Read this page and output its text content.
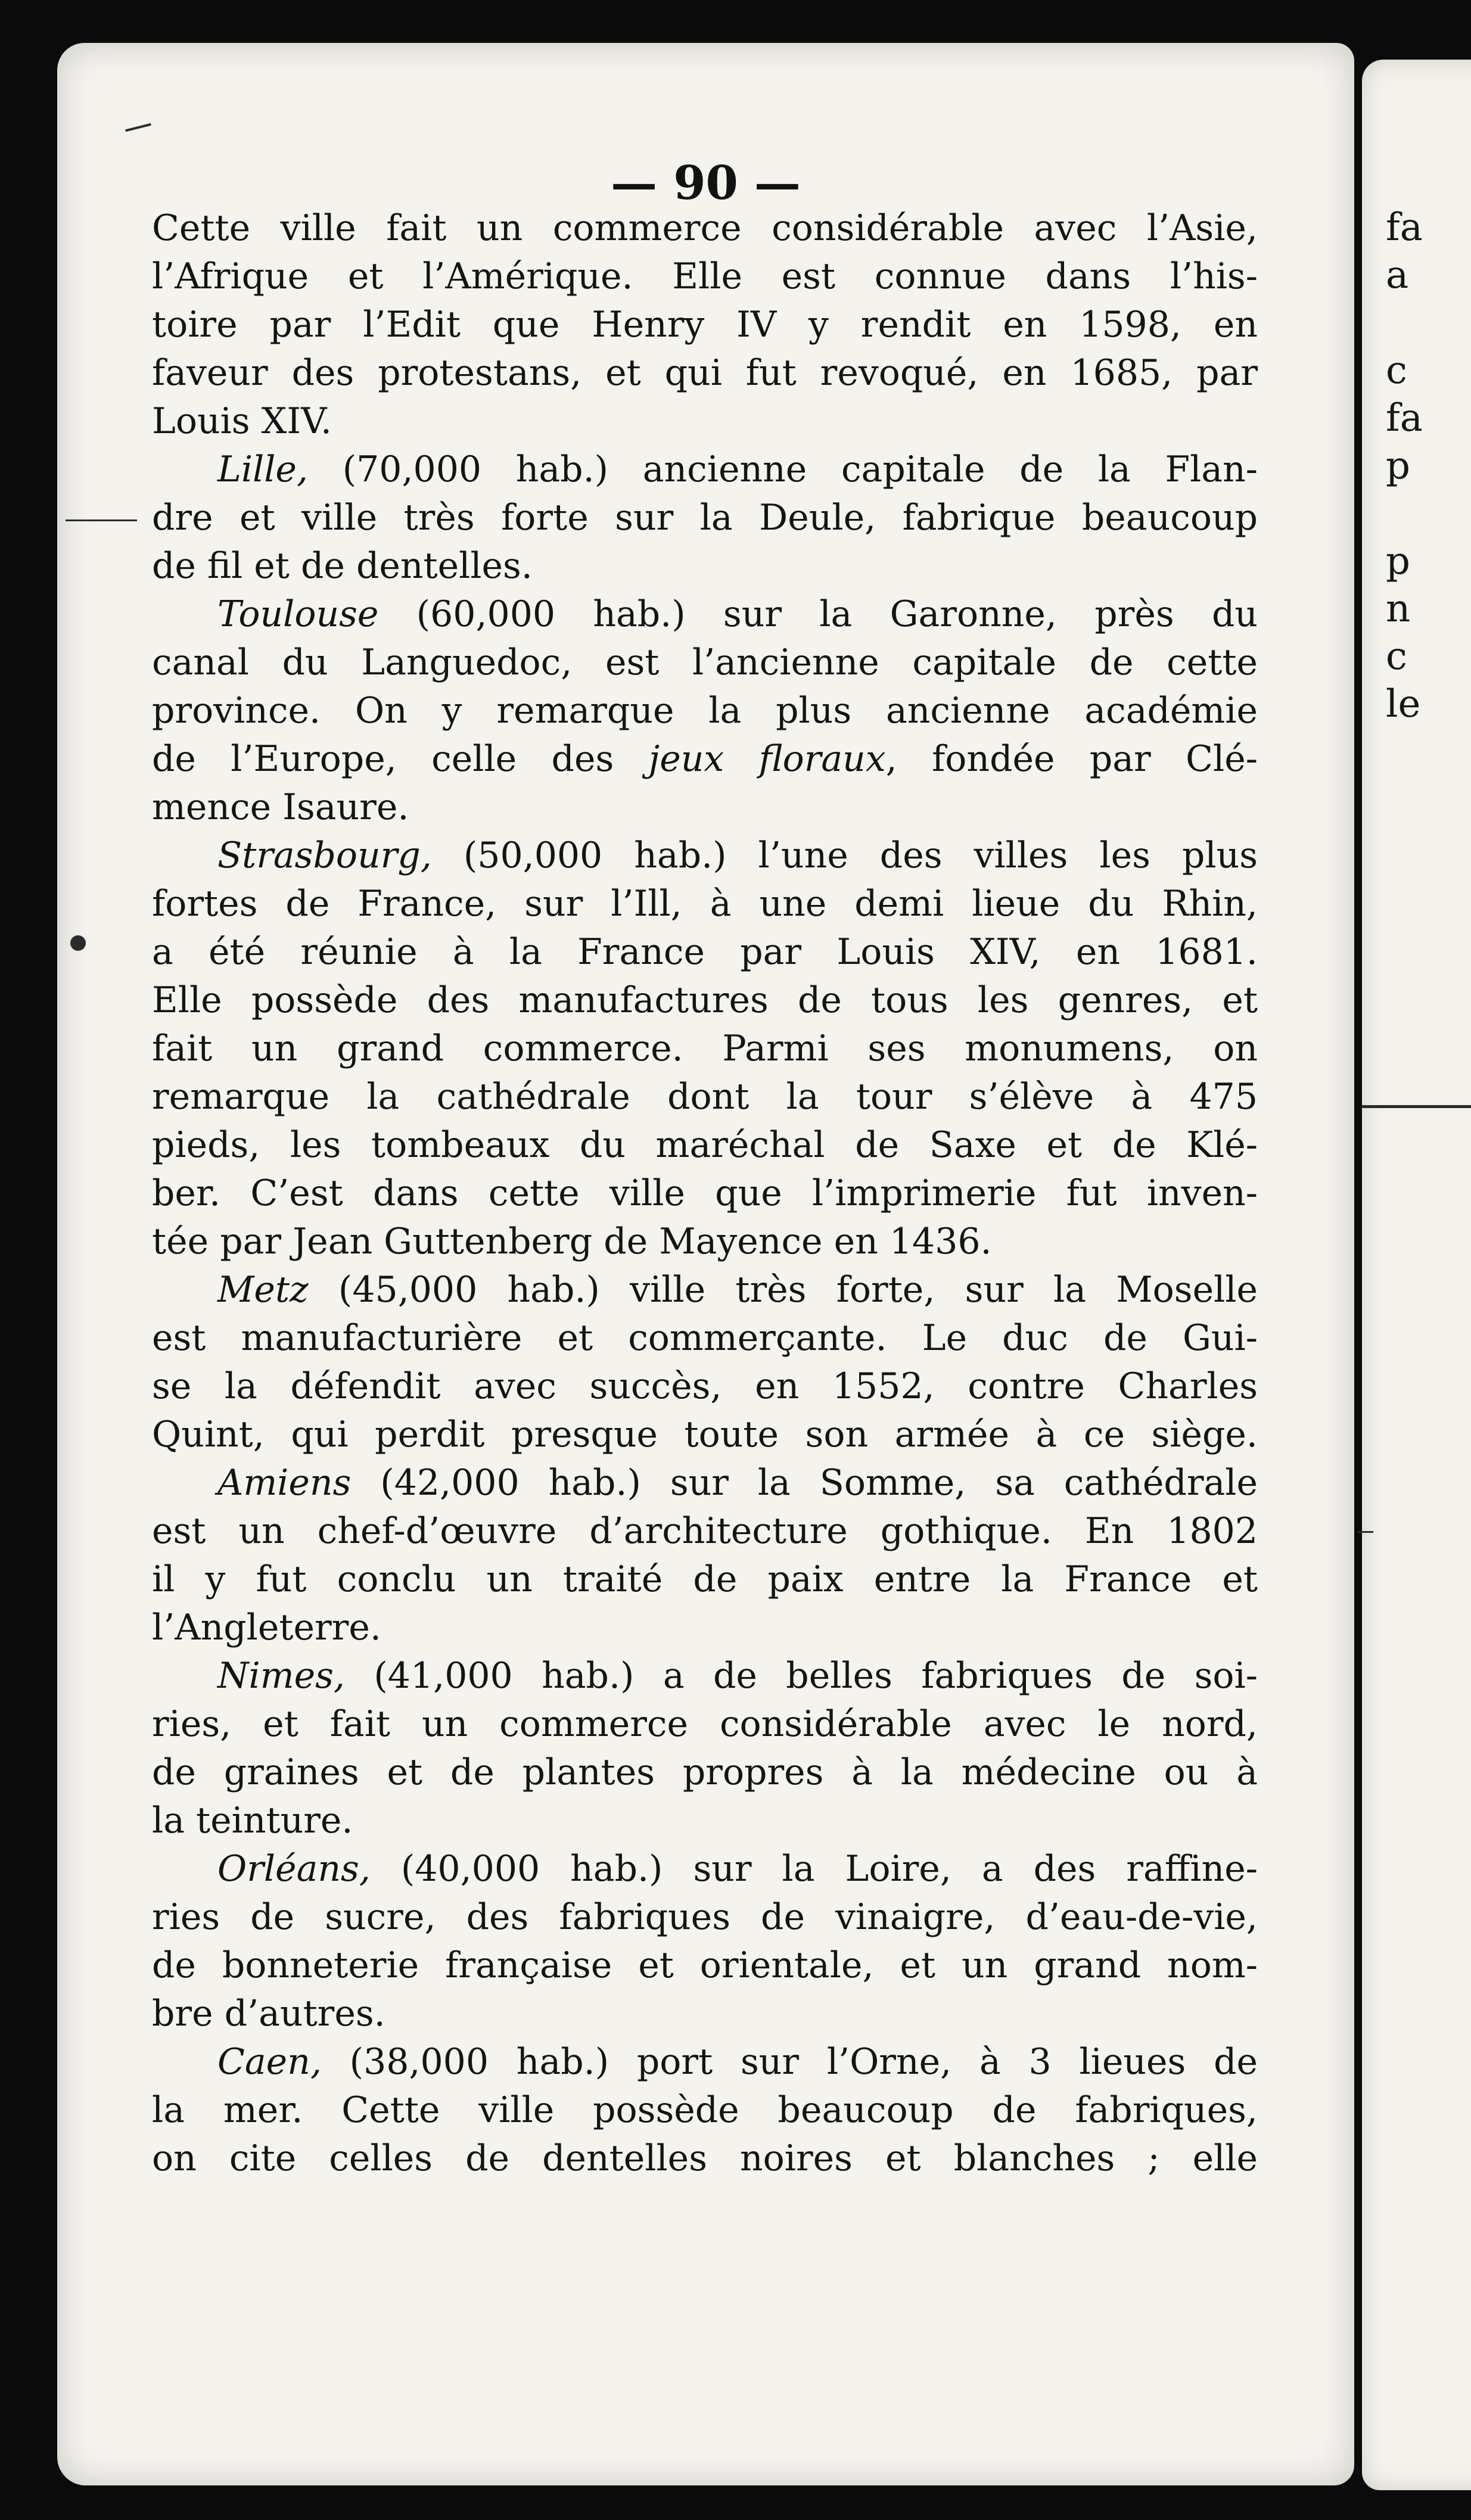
— 90 —
fa
a
c
fa
p
p
n
c
le
Cette ville fait un commerce considérable avec l’Asie,
l’Afrique et l’Amérique. Elle est connue dans l’his-
toire par l’Edit que Henry IV y rendit en 1598, en
faveur des protestans, et qui fut revoqué, en 1685, par
Louis XIV.
Lille, (70,000 hab.) ancienne capitale de la Flan-
dre et ville très forte sur la Deule, fabrique beaucoup
de fil et de dentelles.
Toulouse (60,000 hab.) sur la Garonne, près du
canal du Languedoc, est l’ancienne capitale de cette
province. On y remarque la plus ancienne académie
de l’Europe, celle des jeux floraux, fondée par Clé-
mence Isaure.
Strasbourg, (50,000 hab.) l’une des villes les plus
fortes de France, sur l’Ill, à une demi lieue du Rhin,
a été réunie à la France par Louis XIV, en 1681.
Elle possède des manufactures de tous les genres, et
fait un grand commerce. Parmi ses monumens, on
remarque la cathédrale dont la tour s’élève à 475
pieds, les tombeaux du maréchal de Saxe et de Klé-
ber. C’est dans cette ville que l’imprimerie fut inven-
tée par Jean Guttenberg de Mayence en 1436.
Metz (45,000 hab.) ville très forte, sur la Moselle
est manufacturière et commerçante. Le duc de Gui-
se la défendit avec succès, en 1552, contre Charles
Quint, qui perdit presque toute son armée à ce siège.
Amiens (42,000 hab.) sur la Somme, sa cathédrale
est un chef-d’œuvre d’architecture gothique. En 1802
il y fut conclu un traité de paix entre la France et
l’Angleterre.
Nimes, (41,000 hab.) a de belles fabriques de soi-
ries, et fait un commerce considérable avec le nord,
de graines et de plantes propres à la médecine ou à
la teinture.
Orléans, (40,000 hab.) sur la Loire, a des raffine-
ries de sucre, des fabriques de vinaigre, d’eau-de-vie,
de bonneterie française et orientale, et un grand nom-
bre d’autres.
Caen, (38,000 hab.) port sur l’Orne, à 3 lieues de
la mer. Cette ville possède beaucoup de fabriques,
on cite celles de dentelles noires et blanches ; elle
